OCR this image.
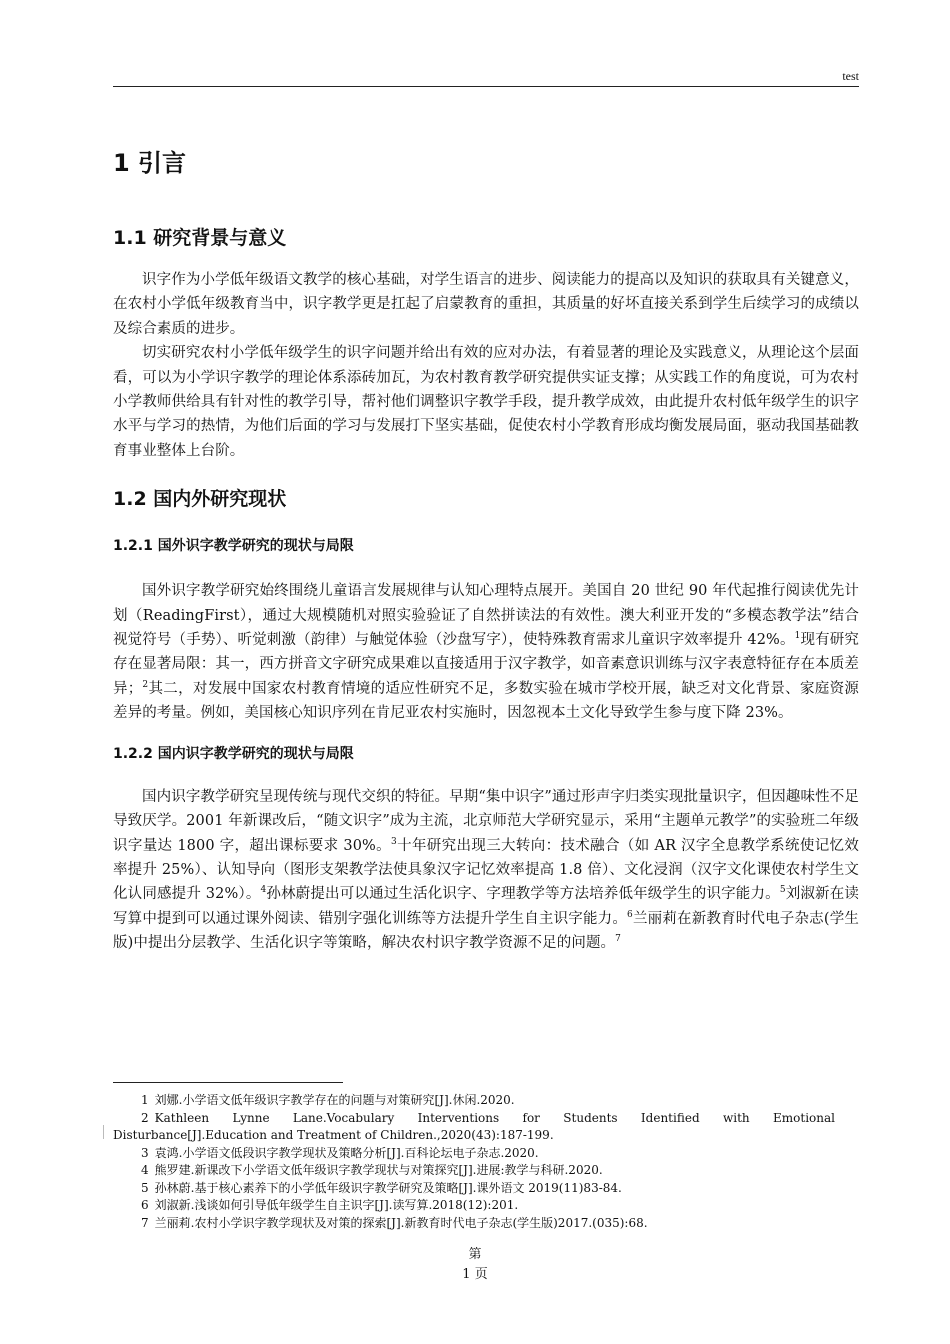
test
1 引言
1.1 研究背景与意义

识字作为小学低年级语文教学的核心基础，对学生语言的进步、阅读能力的提高以及知识的获取具有关键意义，在农村小学低年级教育当中，识字教学更是扛起了启蒙教育的重担，其质量的好坏直接关系到学生后续学习的成绩以及综合素质的进步。

切实研究农村小学低年级学生的识字问题并给出有效的应对办法，有着显著的理论及实践意义，从理论这个层面看，可以为小学识字教学的理论体系添砖加瓦，为农村教育教学研究提供实证支撑；从实践工作的角度说，可为农村小学教师供给具有针对性的教学引导，帮衬他们调整识字教学手段，提升教学成效，由此提升农村低年级学生的识字水平与学习的热情，为他们后面的学习与发展打下坚实基础，促使农村小学教育形成均衡发展局面，驱动我国基础教育事业整体上台阶。

1.2 国内外研究现状
1.2.1 国外识字教学研究的现状与局限

国外识字教学研究始终围绕儿童语言发展规律与认知心理特点展开。美国自 20 世纪 90 年代起推行阅读优先计划（ReadingFirst），通过大规模随机对照实验验证了自然拼读法的有效性。澳大利亚开发的“多模态教学法”结合视觉符号（手势）、听觉刺激（韵律）与触觉体验（沙盘写字），使特殊教育需求儿童识字效率提升 42%。$^1$现有研究存在显著局限：其一，西方拼音文字研究成果难以直接适用于汉字教学，如音素意识训练与汉字表意特征存在本质差异；$^2$其二，对发展中国家农村教育情境的适应性研究不足，多数实验在城市学校开展，缺乏对文化背景、家庭资源差异的考量。例如，美国核心知识序列在肯尼亚农村实施时，因忽视本土文化导致学生参与度下降 23%。

1.2.2 国内识字教学研究的现状与局限

国内识字教学研究呈现传统与现代交织的特征。早期“集中识字”通过形声字归类实现批量识字，但因趣味性不足导致厌学。2001 年新课改后，“随文识字”成为主流，北京师范大学研究显示，采用“主题单元教学”的实验班二年级识字量达 1800 字，超出课标要求 30%。$^3$十年研究出现三大转向：技术融合（如 AR 汉字全息教学系统使记忆效率提升 25%）、认知导向（图形支架教学法使具象汉字记忆效率提高 1.8 倍）、文化浸润（汉字文化课使农村学生文化认同感提升 32%）。$^4$孙林蔚提出可以通过生活化识字、字理教学等方法培养低年级学生的识字能力。$^5$刘淑新在读写算中提到可以通过课外阅读、错别字强化训练等方法提升学生自主识字能力。$^6$兰丽莉在新教育时代电子杂志(学生版)中提出分层教学、生活化识字等策略，解决农村识字教学资源不足的问题。$^7$

1 刘娜.小学语文低年级识字教学存在的问题与对策研究[J].休闲.2020.
2 Kathleen Lynne Lane.Vocabulary Interventions for Students Identified with Emotional Disturbance[J].Education and Treatment of Children.,2020(43):187-199.
3 袁鸿.小学语文低段识字教学现状及策略分析[J].百科论坛电子杂志.2020.
4 熊罗建.新课改下小学语文低年级识字教学现状与对策探究[J].进展:教学与科研.2020.
5 孙林蔚.基于核心素养下的小学低年级识字教学研究及策略[J].课外语文 2019(11)83-84.
6 刘淑新.浅谈如何引导低年级学生自主识字[J].读写算.2018(12):201.
7 兰丽莉.农村小学识字教学现状及对策的探索[J].新教育时代电子杂志(学生版)2017.(035):68.
第
1 页
